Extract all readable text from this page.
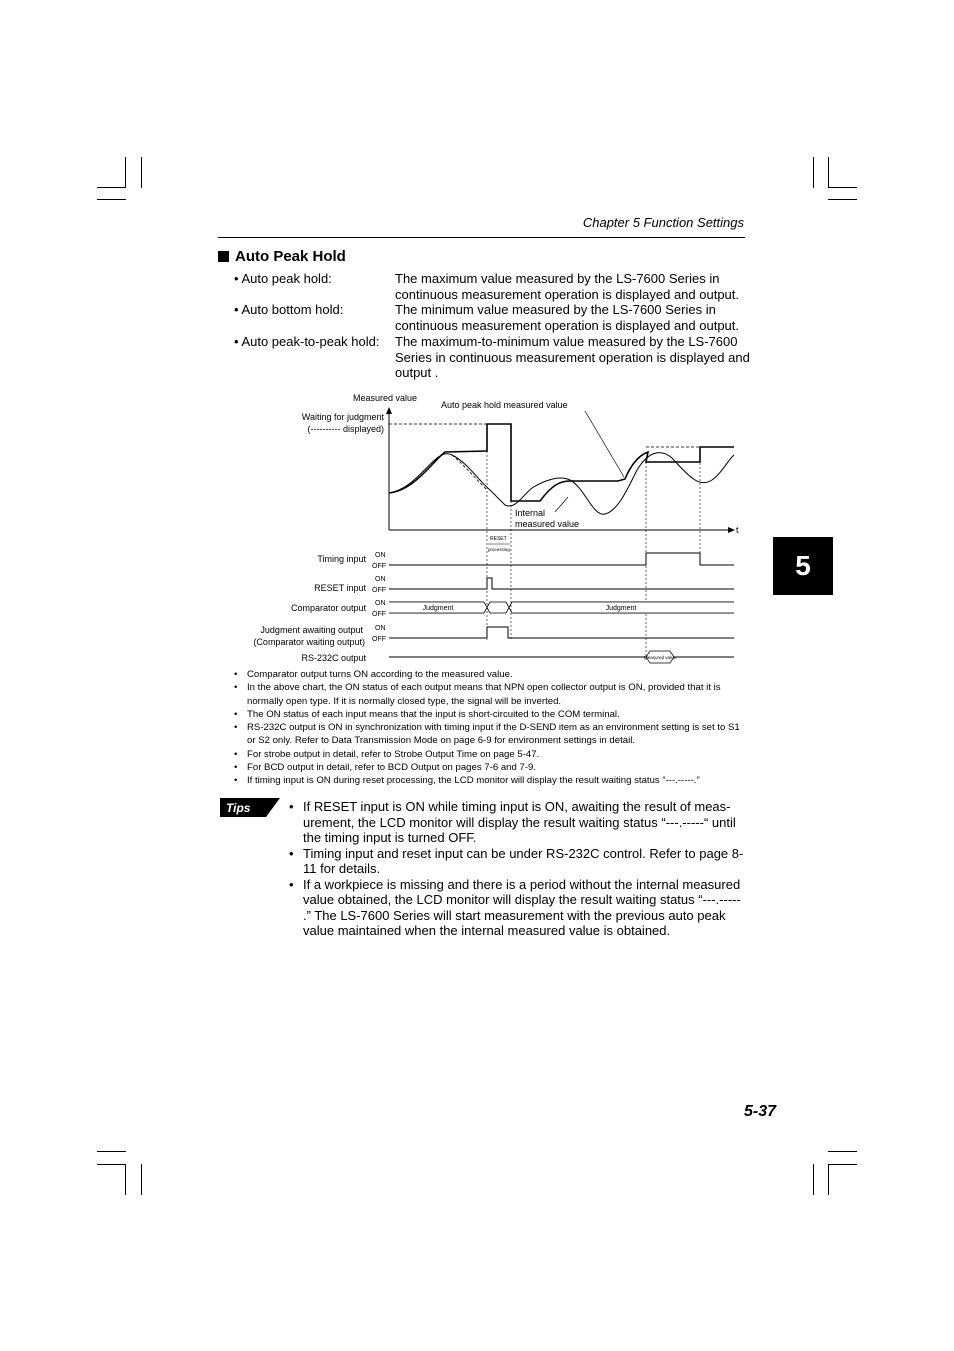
Chapter 5 Function Settings
Auto Peak Hold
• Auto peak hold:	The maximum value measured by the LS-7600 Series in continuous measurement operation is displayed and output.
• Auto bottom hold:	The minimum value measured by the LS-7600 Series in continuous measurement operation is displayed and output.
• Auto peak-to-peak hold: The maximum-to-minimum value measured by the LS-7600 Series in continuous measurement operation is displayed and output .
Measured value
Waiting for judgment
(---------- displayed)
Auto peak hold measured value
Internal
measured value
t
RESET
processing
Timing input ON
OFF
RESET input
ON
OFF
Comparator output ON
OFF
Judgment	Judgment
Judgment awaiting output
(Comparator waiting output)
ON
OFF
RS-232C output	Measured value
• Comparator output turns ON according to the measured value.
• In the above chart, the ON status of each output means that NPN open collector output is ON, provided that it is normally open type. If it is normally closed type, the signal will be inverted.
• The ON status of each input means that the input is short-circuited to the COM terminal.
• RS-232C output is ON in synchronization with timing input if the D-SEND item as an environment setting is set to S1 or S2 only. Refer to Data Transmission Mode on page 6-9 for environment settings in detail.
• For strobe output in detail, refer to Strobe Output Time on page 5-47.
• For BCD output in detail, refer to BCD Output on pages 7-6 and 7-9.
• If timing input is ON during reset processing, the LCD monitor will display the result waiting status “---.-----.”
Tips
•	If RESET input is ON while timing input is ON, awaiting the result of meas-urement, the LCD monitor will display the result waiting status “---.-----“ until the timing input is turned OFF.
• Timing input and reset input can be under RS-232C control. Refer to page 8-11 for details.
• If a workpiece is missing and there is a period without the internal measured value obtained, the LCD monitor will display the result waiting status “---.----- .” The LS-7600 Series will start measurement with the previous auto peak value maintained when the internal measured value is obtained.
5
5-37
